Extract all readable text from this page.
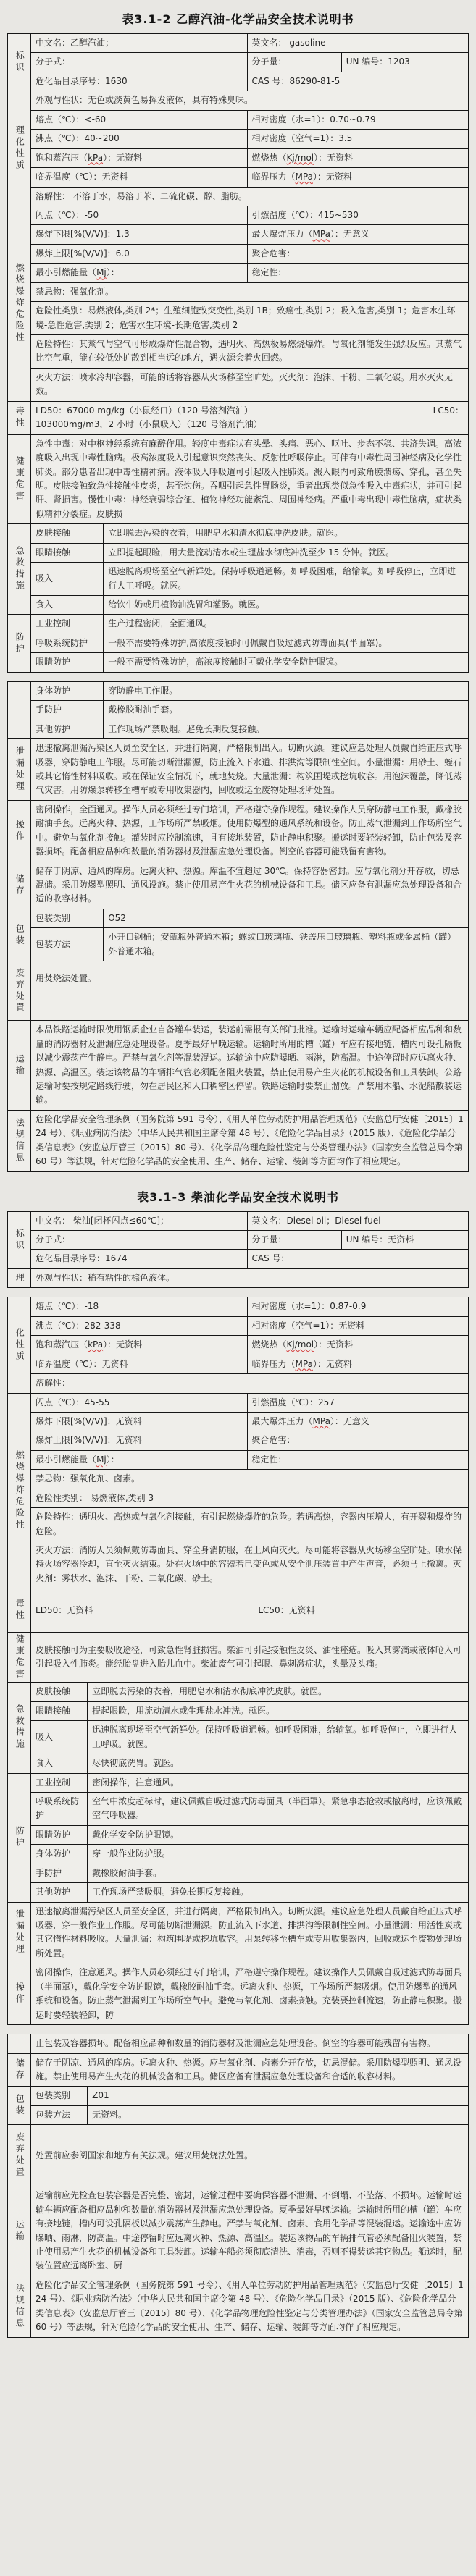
表3.1-2 乙醇汽油-化学品安全技术说明书
标识	中文名：乙醇汽油；		英文名： gasoline	
	分子式：		分子量：	UN 编号：1203
	危化品目录序号：1630		CAS 号：86290-81-5	

理化性质	外观与性状：无色或淡黄色易挥发液体，具有特殊臭味。			
	熔点（℃）：<-60		相对密度（水=1）：0.70~0.79	
	沸点（℃）：40~200		相对密度（空气=1）：3.5	
	饱和蒸汽压（kPa）：无资料		燃烧热（Kj/mol）：无资料	
	临界温度（℃）：无资料		临界压力（MPa）：无资料	
	溶解性： 不溶于水，易溶于苯、二硫化碳、醇、脂肪。			

燃烧爆炸危险性	闪点（℃）：-50		引燃温度（℃）：415~530	
	爆炸下限[%(V/V)]：1.3		最大爆炸压力（MPa）：无意义	
	爆炸上限[%(V/V)]：6.0		聚合危害：	
	最小引燃能量（Mj）：		稳定性：	
	禁忌物：强氧化剂。			
	危险性类别：易燃液体,类别 2*；生殖细胞致突变性,类别 1B；致癌性,类别 2；吸入危害,类别 1；危害水生环境-急性危害,类别 2；危害水生环境-长期危害,类别 2			
	危险特性：其蒸气与空气可形成爆炸性混合物，遇明火、高热极易燃烧爆炸。与氧化剂能发生强烈反应。其蒸气比空气重，能在较低处扩散到相当远的地方，遇火源会着火回燃。			
	灭火方法：喷水冷却容器，可能的话将容器从火场移至空旷处。灭火剂：泡沫、干粉、二氧化碳。用水灭火无效。			

毒性	LD50：67000 mg/kg（小鼠经口）（120 号溶剂汽油） LC50：
103000mg/m3，2 小时（小鼠吸入）（120 号溶剂汽油）			

健康危害	急性中毒：对中枢神经系统有麻醉作用。轻度中毒症状有头晕、头痛、恶心、呕吐、步态不稳、共济失调。高浓度吸入出现中毒性脑病。极高浓度吸入引起意识突然丧失、反射性呼吸停止。可伴有中毒性周围神经病及化学性肺炎。部分患者出现中毒性精神病。液体吸入呼吸道可引起吸入性肺炎。溅入眼内可致角膜溃疡、穿孔，甚至失明。皮肤接触致急性接触性皮炎，甚至灼伤。吞咽引起急性胃肠炎，重者出现类似急性吸入中毒症状，并可引起肝、肾损害。慢性中毒：神经衰弱综合征、植物神经功能紊乱、周围神经病。严重中毒出现中毒性脑病，症状类似精神分裂症。皮肤损			

急救措施	皮肤接触	立即脱去污染的衣着，用肥皂水和清水彻底冲洗皮肤。就医。		
	眼睛接触	立即提起眼睑，用大量流动清水或生理盐水彻底冲洗至少 15 分钟。就医。		
	吸入	迅速脱离现场至空气新鲜处。保持呼吸道通畅。如呼吸困难，给输氧。如呼吸停止，立即进行人工呼吸。就医。		
	食入	给饮牛奶或用植物油洗胃和灌肠。就医。		

防护	工业控制	生产过程密闭，全面通风。		
	呼吸系统防护	一般不需要特殊防护,高浓度接触时可佩戴自吸过滤式防毒面具(半面罩)。		
	眼睛防护	一般不需要特殊防护，高浓度接触时可戴化学安全防护眼镜。		
	身体防护	穿防静电工作服。
	手防护	戴橡胶耐油手套。
	其他防护	工作现场严禁吸烟。避免长期反复接触。

泄漏处理	迅速撤离泄漏污染区人员至安全区，并进行隔离，严格限制出入。切断火源。建议应急处理人员戴自给正压式呼吸器，穿防静电工作服。尽可能切断泄漏源，防止流入下水道、排洪沟等限制性空间。小量泄漏：用砂土、蛭石或其它惰性材料吸收。或在保证安全情况下，就地焚烧。大量泄漏：构筑围堤或挖坑收容。用泡沫覆盖，降低蒸气灾害。用防爆泵转移至槽车或专用收集器内，回收或运至废物处理场所处置。	

操作	密闭操作，全面通风。操作人员必须经过专门培训，严格遵守操作规程。建议操作人员穿防静电工作服，戴橡胶耐油手套。远离火种、热源，工作场所严禁吸烟。使用防爆型的通风系统和设备。防止蒸气泄漏到工作场所空气中。避免与氧化剂接触。灌装时应控制流速，且有接地装置，防止静电积聚。搬运时要轻装轻卸，防止包装及容器损坏。配备相应品种和数量的消防器材及泄漏应急处理设备。倒空的容器可能残留有害物。	

储存	储存于阴凉、通风的库房。远离火种、热源。库温不宜超过 30℃。保持容器密封。应与氧化剂分开存放，切忌混储。采用防爆型照明、通风设施。禁止使用易产生火花的机械设备和工具。储区应备有泄漏应急处理设备和合适的收容材料。	

包装	包装类别	O52
	包装方法	小开口钢桶；安瓿瓶外普通木箱；螺纹口玻璃瓶、铁盖压口玻璃瓶、塑料瓶或金属桶（罐）外普通木箱。

废弃处置	用焚烧法处置。	

运输	本品铁路运输时限使用钢质企业自备罐车装运，装运前需报有关部门批准。运输时运输车辆应配备相应品种和数量的消防器材及泄漏应急处理设备。夏季最好早晚运输。运输时所用的槽（罐）车应有接地链，槽内可设孔隔板以减少震荡产生静电。严禁与氧化剂等混装混运。运输途中应防曝晒、雨淋，防高温。中途停留时应远离火种、热源、高温区。装运该物品的车辆排气管必须配备阻火装置，禁止使用易产生火花的机械设备和工具装卸。公路运输时要按规定路线行驶，勿在居民区和人口稠密区停留。铁路运输时要禁止溜放。严禁用木船、水泥船散装运输。	

法规信息	危险化学品安全管理条例（国务院第 591 号令）、《用人单位劳动防护用品管理规范》（安监总厅安健〔2015〕124 号）、《职业病防治法》（中华人民共和国主席令第 48 号）、《危险化学品目录》（2015 版）、《危险化学品分类信息表》（安监总厅管三〔2015〕80 号）、《化学品物理危险性鉴定与分类管理办法》（国家安全监管总局令第 60 号）等法规，针对危险化学品的安全使用、生产、储存、运输、装卸等方面均作了相应规定。	
表3.1-3 柴油化学品安全技术说明书
标识	中文名： 柴油[闭杯闪点≤60℃]；	英文名：Diesel oil；Diesel fuel	
	分子式：	分子量：	UN 编号：无资料
	危化品目录序号：1674	CAS 号：	

理	外观与性状：稍有粘性的棕色液体。		
化性质	熔点（℃）：-18		相对密度（水=1）：0.87-0.9
	沸点（℃）：282-338		相对密度（空气=1）：无资料
	饱和蒸汽压（kPa）：无资料		燃烧热（Kj/mol）：无资料
	临界温度（℃）：无资料		临界压力（MPa）：无资料
	溶解性：		

燃烧爆炸危险性	闪点（℃）：45-55		引燃温度（℃）：257
	爆炸下限[%(V/V)]：无资料		最大爆炸压力（MPa）：无意义
	爆炸上限[%(V/V)]：无资料		聚合危害：
	最小引燃能量（Mj）：		稳定性：
	禁忌物：强氧化剂、卤素。		
	危险性类别： 易燃液体,类别 3		
	危险特性：遇明火、高热或与氧化剂接触，有引起燃烧爆炸的危险。若遇高热，容器内压增大，有开裂和爆炸的危险。		
	灭火方法：消防人员须佩戴防毒面具、穿全身消防服，在上风向灭火。尽可能将容器从火场移至空旷处。喷水保持火场容器冷却，直至灭火结束。处在火场中的容器若已变色或从安全泄压装置中产生声音，必须马上撤离。灭火剂：雾状水、泡沫、干粉、二氧化碳、砂土。		

毒性	LD50：无资料 LC50：无资料		

健康危害	皮肤接触可为主要吸收途径，可致急性肾脏损害。柴油可引起接触性皮炎、油性痤疮。吸入其雾滴或液体呛入可引起吸入性肺炎。能经胎盘进入胎儿血中。柴油废气可引起眼、鼻刺激症状，头晕及头痛。		

急救措施	皮肤接触	立即脱去污染的衣着，用肥皂水和清水彻底冲洗皮肤。就医。	
	眼睛接触	提起眼睑，用流动清水或生理盐水冲洗。就医。	
	吸入	迅速脱离现场至空气新鲜处。保持呼吸道通畅。如呼吸困难，给输氧。如呼吸停止，立即进行人工呼吸。就医。	
	食入	尽快彻底洗胃。就医。	

防护	工业控制	密闭操作，注意通风。	
	呼吸系统防护	空气中浓度超标时，建议佩戴自吸过滤式防毒面具（半面罩）。紧急事态抢救或撤离时，应该佩戴空气呼吸器。	
	眼睛防护	戴化学安全防护眼镜。	
	身体防护	穿一般作业防护服。	
	手防护	戴橡胶耐油手套。	
	其他防护	工作现场严禁吸烟。避免长期反复接触。	

泄漏处理	迅速撤离泄漏污染区人员至安全区，并进行隔离，严格限制出入。切断火源。建议应急处理人员戴自给正压式呼吸器，穿一般作业工作服。尽可能切断泄漏源。防止流入下水道、排洪沟等限制性空间。小量泄漏：用活性炭或其它惰性材料吸收。大量泄漏：构筑围堤或挖坑收容。用泵转移至槽车或专用收集器内，回收或运至废物处理场所处置。		

操作	密闭操作，注意通风。操作人员必须经过专门培训，严格遵守操作规程。建议操作人员佩戴自吸过滤式防毒面具（半面罩），戴化学安全防护眼镜，戴橡胶耐油手套。远离火种、热源，工作场所严禁吸烟。使用防爆型的通风系统和设备。防止蒸气泄漏到工作场所空气中。避免与氧化剂、卤素接触。充装要控制流速，防止静电积聚。搬运时要轻装轻卸，防		
	止包装及容器损坏。配备相应品种和数量的消防器材及泄漏应急处理设备。倒空的容器可能残留有害物。	

储存	储存于阴凉、通风的库房。远离火种、热源。应与氧化剂、卤素分开存放，切忌混储。采用防爆型照明、通风设施。禁止使用易产生火花的机械设备和工具。储区应备有泄漏应急处理设备和合适的收容材料。	

包装	包装类别	Z01
	包装方法	无资料。

废弃处置	处置前应参阅国家和地方有关法规。建议用焚烧法处置。	

运输	运输前应先检查包装容器是否完整、密封，运输过程中要确保容器不泄漏、不倒塌、不坠落、不损坏。运输时运输车辆应配备相应品种和数量的消防器材及泄漏应急处理设备。夏季最好早晚运输。运输时所用的槽（罐）车应有接地链，槽内可设孔隔板以减少震荡产生静电。严禁与氧化剂、卤素、食用化学品等混装混运。运输途中应防曝晒、雨淋，防高温。中途停留时应远离火种、热源、高温区。装运该物品的车辆排气管必须配备阻火装置，禁止使用易产生火花的机械设备和工具装卸。运输车船必须彻底清洗、消毒，否则不得装运其它物品。船运时，配装位置应远离卧室、厨	

法规信息	危险化学品安全管理条例（国务院第 591 号令）、《用人单位劳动防护用品管理规范》（安监总厅安健〔2015〕124 号）、《职业病防治法》（中华人民共和国主席令第 48 号）、《危险化学品目录》（2015 版）、《危险化学品分类信息表》（安监总厅管三〔2015〕80 号）、《化学品物理危险性鉴定与分类管理办法》（国家安全监管总局令第 60 号）等法规，针对危险化学品的安全使用、生产、储存、运输、装卸等方面均作了相应规定。	
